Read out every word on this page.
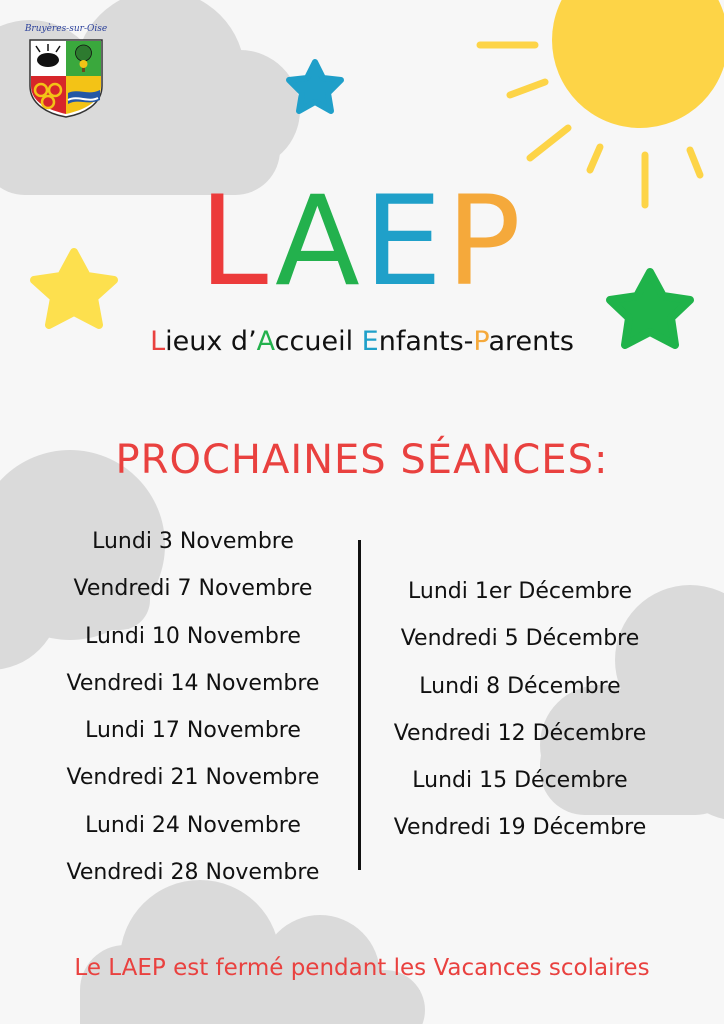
Bruyères-sur-Oise
LAEP
Lieux d’Accueil Enfants-Parents
PROCHAINES SÉANCES:
Lundi 3 Novembre
Vendredi 7 Novembre
Lundi 10 Novembre
Vendredi 14 Novembre
Lundi 17 Novembre
Vendredi 21 Novembre
Lundi 24 Novembre
Vendredi 28 Novembre
Lundi 1er Décembre
Vendredi 5 Décembre
Lundi 8 Décembre
Vendredi 12 Décembre
Lundi 15 Décembre
Vendredi 19 Décembre
Le LAEP est fermé pendant les Vacances scolaires
